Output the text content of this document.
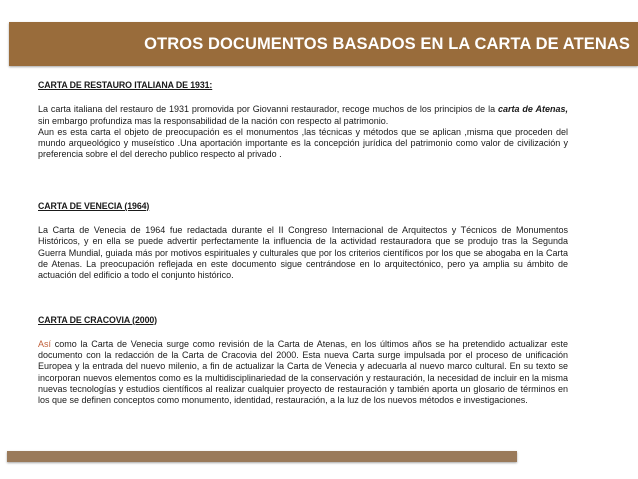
OTROS DOCUMENTOS BASADOS EN LA CARTA DE ATENAS
CARTA DE RESTAURO ITALIANA DE 1931:

La carta italiana del restauro de 1931 promovida por Giovanni restaurador, recoge muchos de los principios de la carta de Atenas, sin embargo profundiza mas la responsabilidad de la nación con respecto al patrimonio.

Aun es esta carta el objeto de preocupación es el monumentos ,las técnicas y métodos que se aplican ,misma que proceden del mundo arqueológico y museístico .Una aportación importante es la concepción jurídica del patrimonio como valor de civilización y preferencia sobre el del derecho publico respecto al privado .

CARTA DE VENECIA (1964)

La Carta de Venecia de 1964 fue redactada durante el II Congreso Internacional de Arquitectos y Técnicos de Monumentos Históricos, y en ella se puede advertir perfectamente la influencia de la actividad restauradora que se produjo tras la Segunda Guerra Mundial, guiada más por motivos espirituales y culturales que por los criterios científicos por los que se abogaba en la Carta de Atenas. La preocupación reflejada en este documento sigue centrándose en lo arquitectónico, pero ya amplia su ámbito de actuación del edificio a todo el conjunto histórico.

CARTA DE CRACOVIA (2000)

Así como la Carta de Venecia surge como revisión de la Carta de Atenas, en los últimos años se ha pretendido actualizar este documento con la redacción de la Carta de Cracovia del 2000. Esta nueva Carta surge impulsada por el proceso de unificación Europea y la entrada del nuevo milenio, a fin de actualizar la Carta de Venecia y adecuarla al nuevo marco cultural. En su texto se incorporan nuevos elementos como es la multidisciplinariedad de la conservación y restauración, la necesidad de incluir en la misma nuevas tecnologías y estudios científicos al realizar cualquier proyecto de restauración y también aporta un glosario de términos en los que se definen conceptos como monumento, identidad, restauración, a la luz de los nuevos métodos e investigaciones.
